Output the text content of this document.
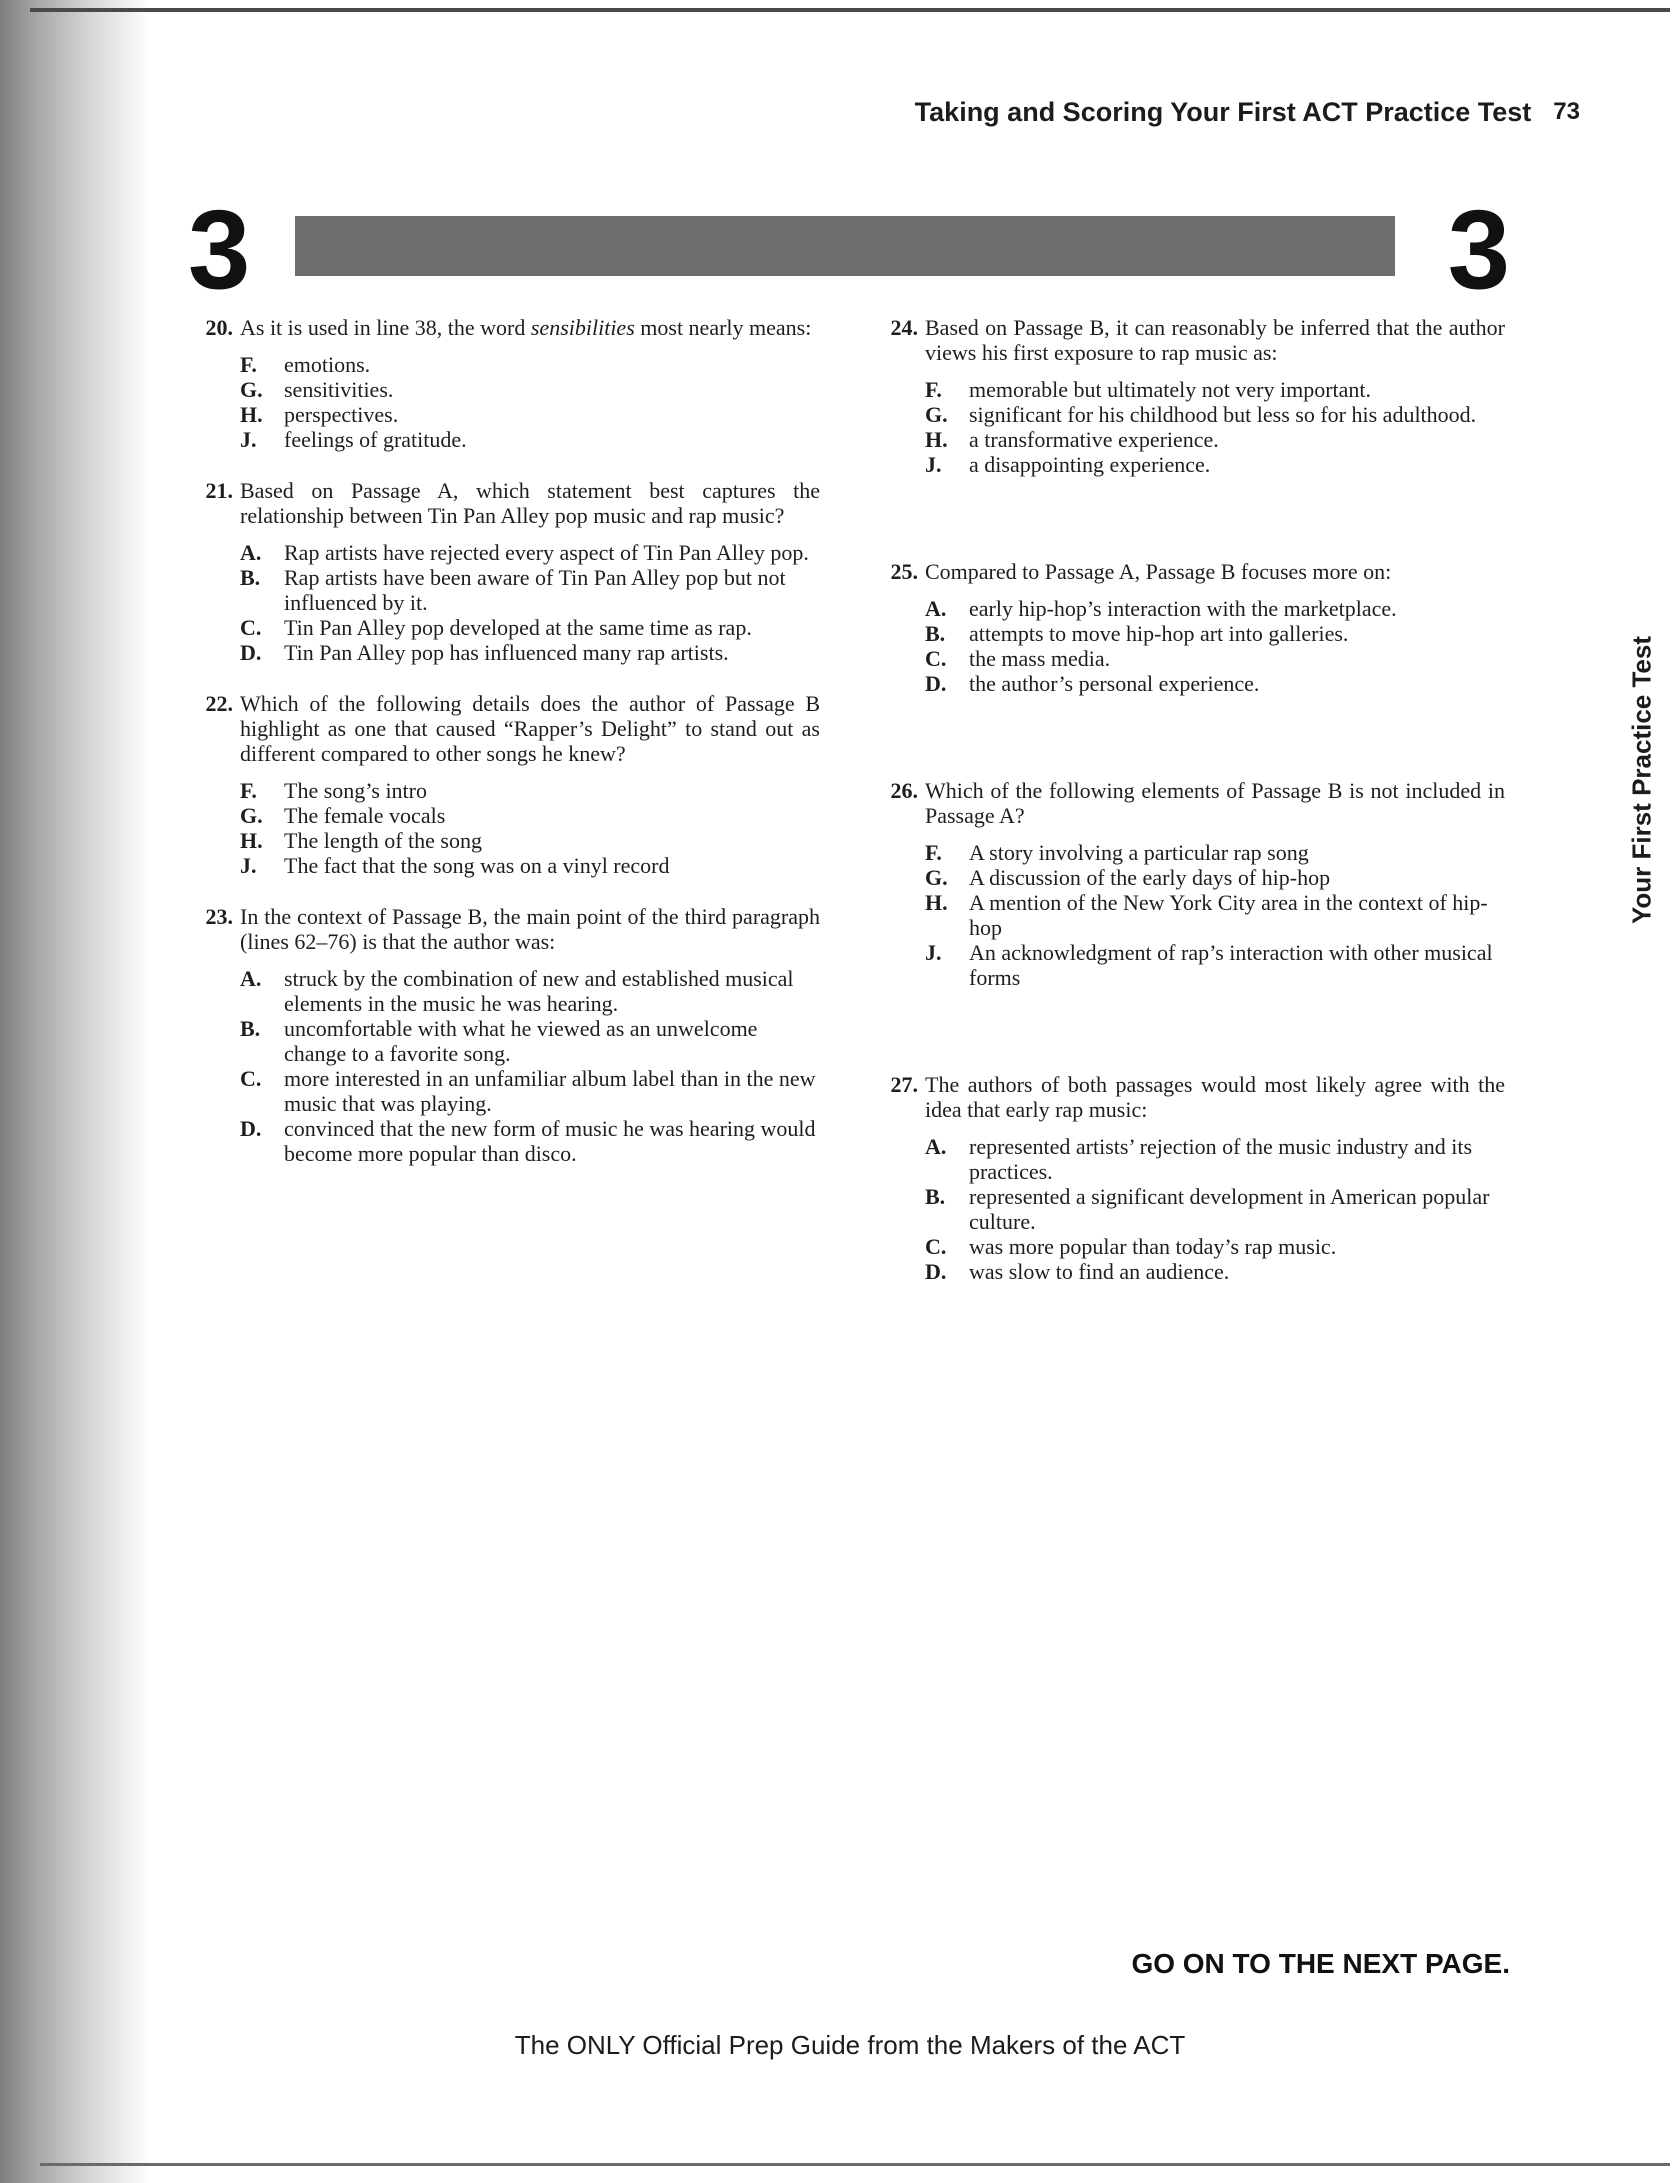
Taking and Scoring Your First ACT Practice Test 73
3	3
20. As it is used in line 38, the word sensibilities most nearly means:

F.	emotions.
G. sensitivities.
H. perspectives.
J.	feelings of gratitude.
21. Based on Passage A, which statement best captures the relationship between Tin Pan Alley pop music and rap music?

A.	Rap artists have rejected every aspect of Tin Pan Alley pop.
B.	Rap artists have been aware of Tin Pan Alley pop but not influenced by it.
C.	Tin Pan Alley pop developed at the same time as rap.
D.	Tin Pan Alley pop has influenced many rap artists.
22. Which of the following details does the author of Passage B highlight as one that caused “Rapper’s Delight” to stand out as different compared to other songs he knew?

F.	The song’s intro
G. The female vocals
H. The length of the song
J.	The fact that the song was on a vinyl record
23. In the context of Passage B, the main point of the third paragraph (lines 62–76) is that the author was:

A.	struck by the combination of new and established musical elements in the music he was hearing.
B.	uncomfortable with what he viewed as an unwelcome change to a favorite song.
C.	more interested in an unfamiliar album label than in the new music that was playing.
D.	convinced that the new form of music he was hearing would become more popular than disco.
24. Based on Passage B, it can reasonably be inferred that the author views his first exposure to rap music as:

F.	memorable but ultimately not very important.
G. significant for his childhood but less so for his adulthood.
H. a transformative experience.
J.	a disappointing experience.
25. Compared to Passage A, Passage B focuses more on:

A.	early hip-hop’s interaction with the marketplace.
B.	attempts to move hip-hop art into galleries.
C.	the mass media.
D.	the author’s personal experience.
26. Which of the following elements of Passage B is not included in Passage A?

F.	A story involving a particular rap song
G. A discussion of the early days of hip-hop
H. A mention of the New York City area in the context of hip-hop
J.	An acknowledgment of rap’s interaction with other musical forms
27. The authors of both passages would most likely agree with the idea that early rap music:

A.	represented artists’ rejection of the music industry and its practices.
B.	represented a significant development in American popular culture.
C.	was more popular than today’s rap music.
D.	was slow to find an audience.
Your First Practice Test
GO ON TO THE NEXT PAGE.
The ONLY Official Prep Guide from the Makers of the ACT
